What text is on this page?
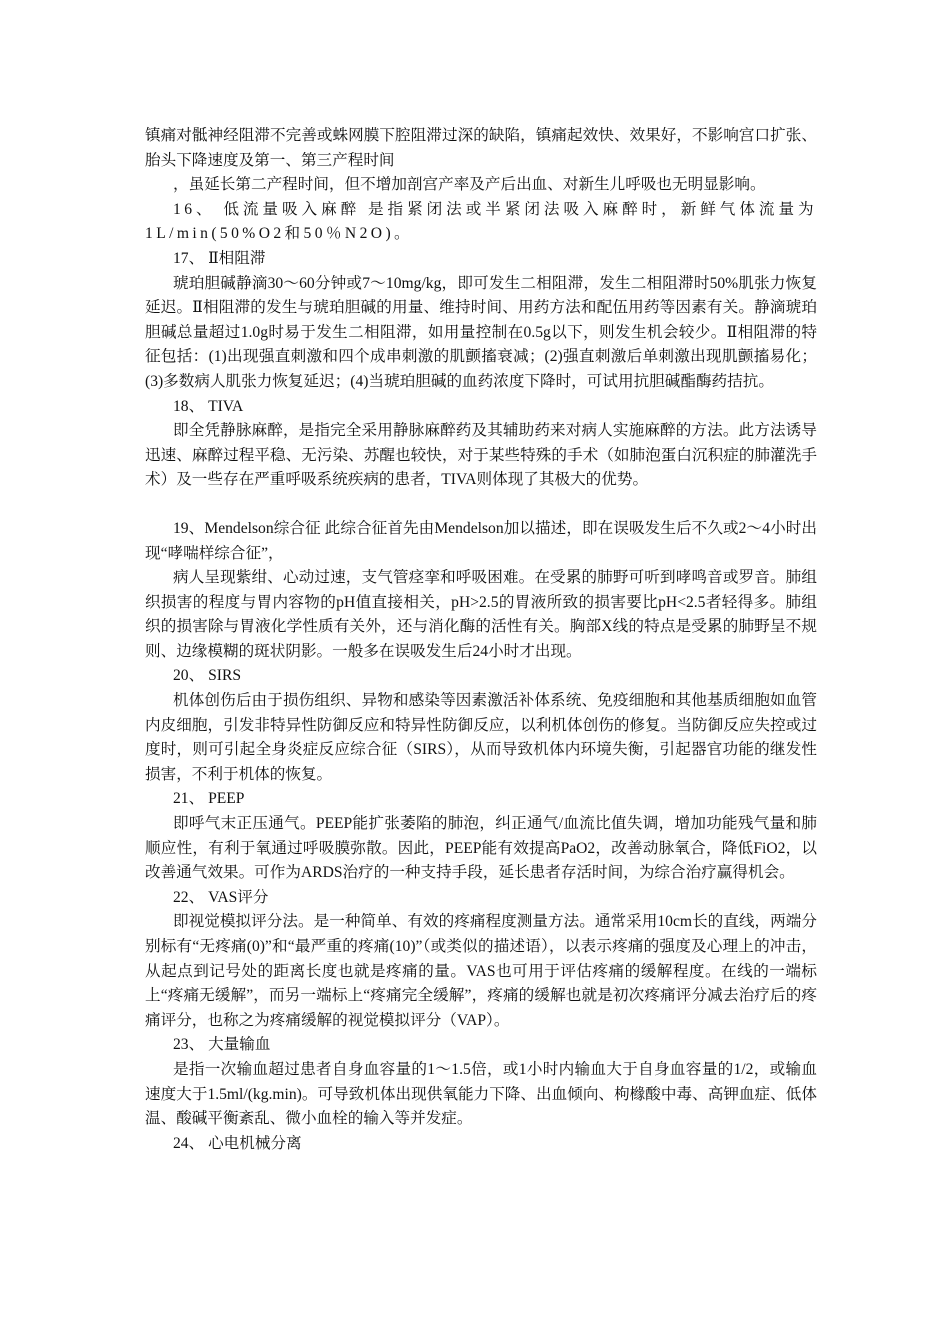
镇痛对骶神经阻滞不完善或蛛网膜下腔阻滞过深的缺陷，镇痛起效快、效果好，不影响宫口扩张、胎头下降速度及第一、第三产程时间

，虽延长第二产程时间，但不增加剖宫产率及产后出血、对新生儿呼吸也无明显影响。

16、 低流量吸入麻醉 是指紧闭法或半紧闭法吸入麻醉时，新鲜气体流量为1L/min(50%O2和50％N2O)。

17、 Ⅱ相阻滞

琥珀胆碱静滴30～60分钟或7～10mg/kg，即可发生二相阻滞，发生二相阻滞时50%肌张力恢复延迟。Ⅱ相阻滞的发生与琥珀胆碱的用量、维持时间、用药方法和配伍用药等因素有关。静滴琥珀胆碱总量超过1.0g时易于发生二相阻滞，如用量控制在0.5g以下，则发生机会较少。Ⅱ相阻滞的特征包括：(1)出现强直刺激和四个成串刺激的肌颤搐衰减；(2)强直刺激后单刺激出现肌颤搐易化；(3)多数病人肌张力恢复延迟；(4)当琥珀胆碱的血药浓度下降时，可试用抗胆碱酯酶药拮抗。

18、 TIVA

即全凭静脉麻醉，是指完全采用静脉麻醉药及其辅助药来对病人实施麻醉的方法。此方法诱导迅速、麻醉过程平稳、无污染、苏醒也较快，对于某些特殊的手术（如肺泡蛋白沉积症的肺灌洗手术）及一些存在严重呼吸系统疾病的患者，TIVA则体现了其极大的优势。

19、Mendelson综合征 此综合征首先由Mendelson加以描述，即在误吸发生后不久或2～4小时出现“哮喘样综合征”，

病人呈现紫绀、心动过速，支气管痉挛和呼吸困难。在受累的肺野可听到哮鸣音或罗音。肺组织损害的程度与胃内容物的pH值直接相关，pH>2.5的胃液所致的损害要比pH<2.5者轻得多。肺组织的损害除与胃液化学性质有关外，还与消化酶的活性有关。胸部X线的特点是受累的肺野呈不规则、边缘模糊的斑状阴影。一般多在误吸发生后24小时才出现。

20、 SIRS

机体创伤后由于损伤组织、异物和感染等因素激活补体系统、免疫细胞和其他基质细胞如血管内皮细胞，引发非特异性防御反应和特异性防御反应，以利机体创伤的修复。当防御反应失控或过度时，则可引起全身炎症反应综合征（SIRS），从而导致机体内环境失衡，引起器官功能的继发性损害，不利于机体的恢复。

21、 PEEP

即呼气末正压通气。PEEP能扩张萎陷的肺泡，纠正通气/血流比值失调，增加功能残气量和肺顺应性，有利于氧通过呼吸膜弥散。因此，PEEP能有效提高PaO2，改善动脉氧合，降低FiO2，以改善通气效果。可作为ARDS治疗的一种支持手段，延长患者存活时间，为综合治疗赢得机会。

22、 VAS评分

即视觉模拟评分法。是一种简单、有效的疼痛程度测量方法。通常采用10cm长的直线，两端分别标有“无疼痛(0)”和“最严重的疼痛(10)”（或类似的描述语），以表示疼痛的强度及心理上的冲击，从起点到记号处的距离长度也就是疼痛的量。VAS也可用于评估疼痛的缓解程度。在线的一端标上“疼痛无缓解”，而另一端标上“疼痛完全缓解”，疼痛的缓解也就是初次疼痛评分减去治疗后的疼痛评分，也称之为疼痛缓解的视觉模拟评分（VAP）。

23、 大量输血

是指一次输血超过患者自身血容量的1～1.5倍，或1小时内输血大于自身血容量的1/2，或输血速度大于1.5ml/(kg.min)。可导致机体出现供氧能力下降、出血倾向、枸橼酸中毒、高钾血症、低体温、酸碱平衡紊乱、微小血栓的输入等并发症。

24、 心电机械分离
